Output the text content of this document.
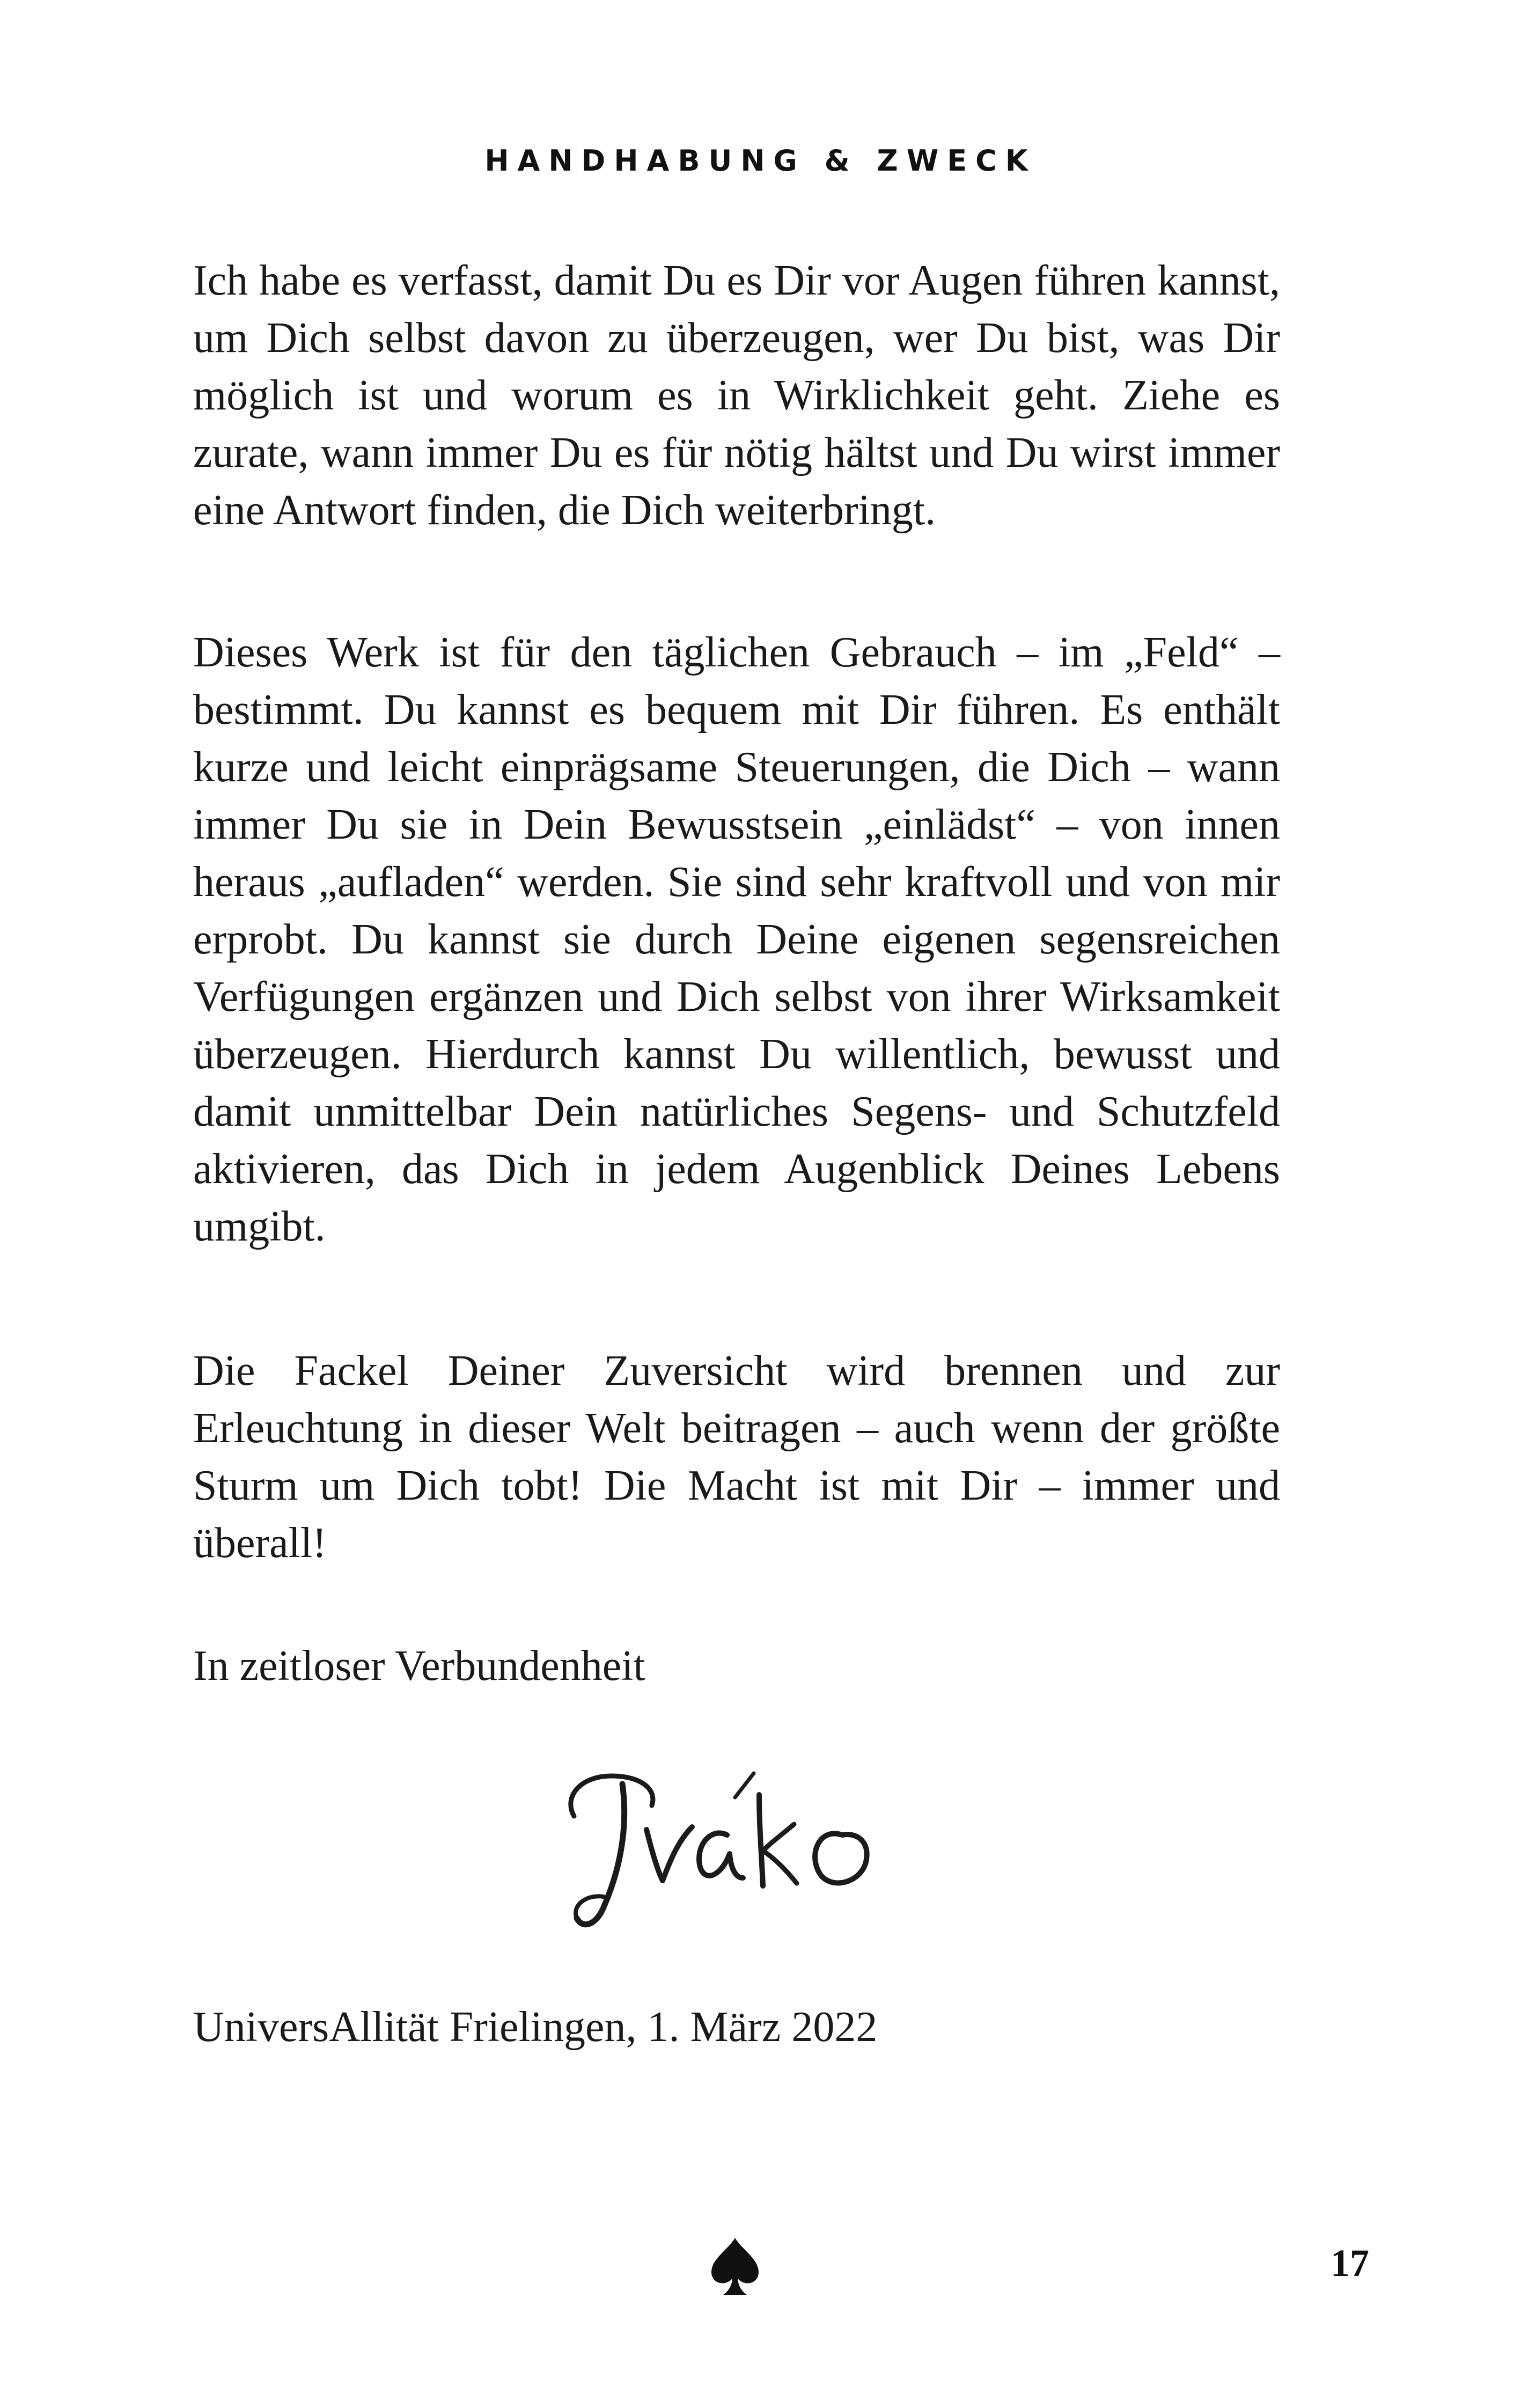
HANDHABUNG & ZWECK

Ich habe es verfasst, damit Du es Dir vor Augen führen kannst, um Dich selbst davon zu überzeugen, wer Du bist, was Dir möglich ist und worum es in Wirklichkeit geht. Ziehe es zurate, wann immer Du es für nötig hältst und Du wirst immer eine Antwort finden, die Dich weiterbringt.

Dieses Werk ist für den täglichen Gebrauch – im „Feld“ – bestimmt. Du kannst es bequem mit Dir führen. Es enthält kurze und leicht einprägsame Steuerungen, die Dich – wann immer Du sie in Dein Bewusstsein „einlädst“ – von innen heraus „aufladen“ werden. Sie sind sehr kraftvoll und von mir erprobt. Du kannst sie durch Deine eigenen segensreichen Verfügungen ergänzen und Dich selbst von ihrer Wirksamkeit überzeugen. Hierdurch kannst Du willentlich, bewusst und damit unmittelbar Dein natürliches Segens- und Schutzfeld aktivieren, das Dich in jedem Augenblick Deines Lebens umgibt.

Die Fackel Deiner Zuversicht wird brennen und zur Erleuchtung in dieser Welt beitragen – auch wenn der größte Sturm um Dich tobt! Die Macht ist mit Dir – immer und überall!

In zeitloser Verbundenheit
UniversAllität Frielingen, 1. März 2022
17
